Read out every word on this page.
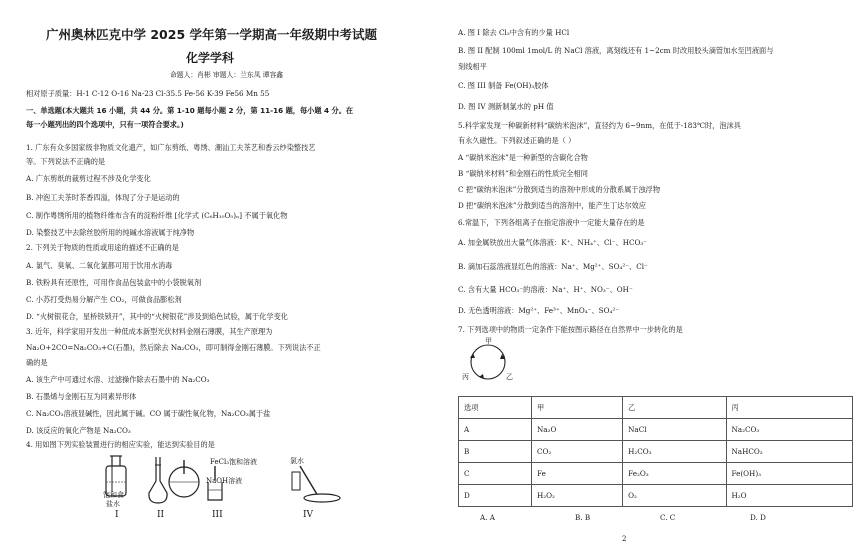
广州奥林匹克中学 2025 学年第一学期高一年级期中考试题
化学学科
命题人：肖彬 审题人：兰东凤 谭容鑫
相对原子质量：H-1 C-12 O-16 Na-23 Cl-35.5 Fe-56 K-39 Fe56 Mn 55
一、单选题(本大题共 16 小题，共 44 分。第 1-10 题每小题 2 分，第 11-16 题，每小题 4 分。在
每一小题列出的四个选项中，只有一项符合要求。)
1. 广东有众多国家级非物质文化遗产，如广东剪纸、粤绣、潮汕工夫茶艺和香云纱染整技艺
等。下列说法不正确的是
A. 广东剪纸的裁剪过程不涉及化学变化
B. 冲泡工夫茶时茶香四溢，体现了分子是运动的
C. 制作粤绣所用的植物纤维布含有的淀粉纤维 [化学式 (C₆H₁₀O₅)ₙ] 不属于氧化物
D. 染整技艺中去除丝胶所用的纯碱水溶液属于纯净物
2. 下列关于物质的性质或用途的描述不正确的是
A. 氯气、臭氧、二氧化氯都可用于饮用水消毒
B. 铁粉具有还原性，可用作食品包装盒中的小袋脱氧剂
C. 小苏打受热易分解产生 CO₂，可做食品膨松剂
D. “火树银花合，星桥铁锁开”，其中的“火树银花”涉及到焰色试验，属于化学变化
3. 近年，科学家用开发出一种低成本新型光伏材料金刚石薄膜，其生产原理为
Na₂O+2CO=Na₂CO₃+C(石墨)，然后除去 Na₂CO₃，即可制得金刚石薄膜。下列说法不正
确的是
A. 该生产中可通过水溶、过滤操作除去石墨中的 Na₂CO₃
B. 石墨烯与金刚石互为同素异形体
C. Na₂CO₃溶液显碱性，因此属于碱。CO 属于碳性氧化物，Na₂CO₃属于盐
D. 该反应的氧化产物是 Na₂CO₃
4. 用如图下列实验装置进行的相应实验，能达到实验目的是
饱和食
盐水
FeCl₃饱和溶液
NaOH溶液
氯水
I	II	III	IV
A. 图 I 除去 Cl₂中含有的少量 HCl
B. 图 II 配制 100ml 1mol/L 的 NaCl 溶液，离刻线还有 1~2cm 时改用胶头滴管加水至凹液面与
刻线相平
C. 图 III 制备 Fe(OH)₃胶体
D. 图 IV 测新制氯水的 pH 值
5.科学家发现一种碳新材料“碳纳米泡沫”，直径约为 6~9nm，在低于-183℃时，泡沫具
有永久磁性。下列叙述正确的是（ ）
A “碳纳米泡沫”是一种新型的含碳化合物
B “碳纳米材料”和金刚石的性质完全相同
C 把“碳纳米泡沫”分散到适当的溶剂中形成的分散系属于浊浮物
D 把“碳纳米泡沫”分散到适当的溶剂中，能产生丁达尔效应
6.常温下，下列各组离子在指定溶液中一定能大量存在的是
A. 加金属铁放出大量气体溶液：K⁺、NH₄⁺、Cl⁻、HCO₃⁻
B. 滴加石蕊溶液显红色的溶液：Na⁺、Mg²⁺、SO₄²⁻、Cl⁻
C. 含有大量 HCO₃⁻的溶液：Na⁺、H⁺、NO₃⁻、OH⁻
D. 无色透明溶液：Mg²⁺、Fe³⁺、MnO₄⁻、SO₄²⁻
7. 下列选项中的物质一定条件下能按图示路径在自然界中一步转化的是
甲
乙
丙
选项	甲	乙	丙
A	Na₂O	NaCl	Na₂CO₃
B	CO₂	H₂CO₃	NaHCO₃
C	Fe	Fe₂O₃	Fe(OH)₃
D	H₂O₂	O₂	H₂O
A. A	B. B	C. C	D. D
2
